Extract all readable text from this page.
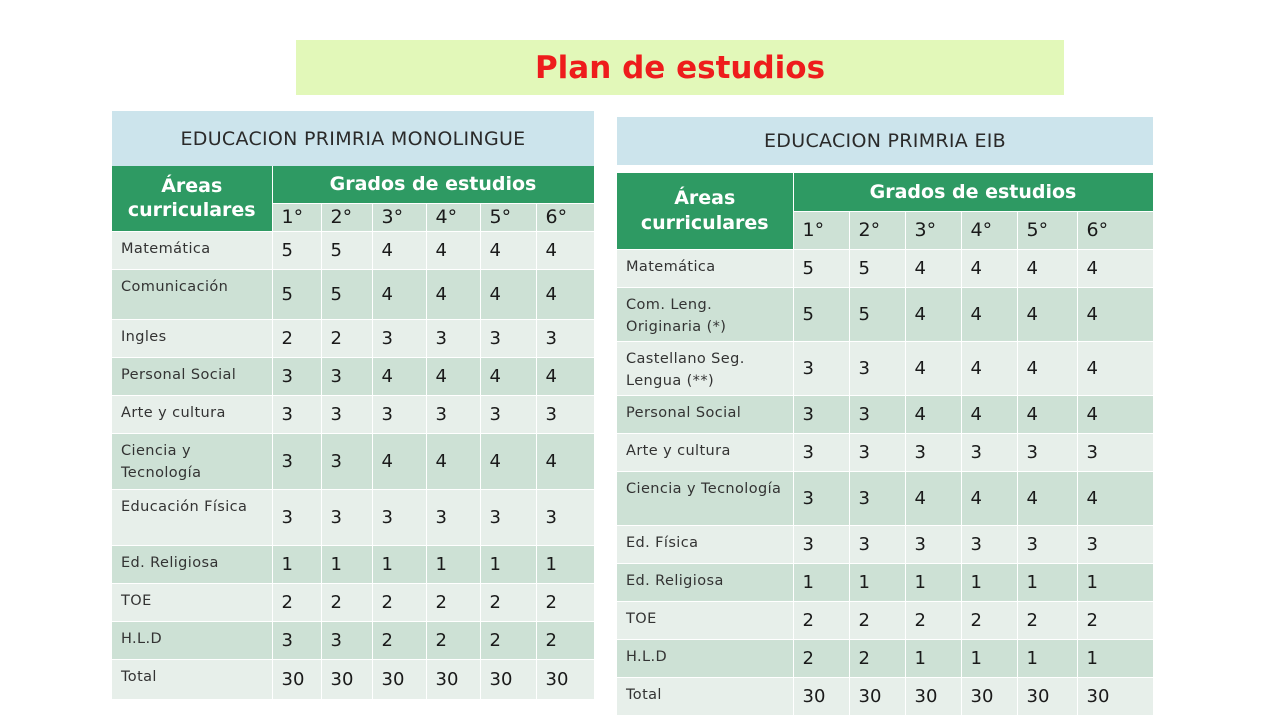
Plan de estudios
EDUCACION PRIMRIA MONOLINGUE
Áreas curriculares	Grados de estudios					
	1°	2°	3°	4°	5°	6°
Matemática	5	5	4	4	4	4
Comunicación	5	5	4	4	4	4
Ingles	2	2	3	3	3	3
Personal Social	3	3	4	4	4	4
Arte y cultura	3	3	3	3	3	3
Ciencia y Tecnología	3	3	4	4	4	4
Educación Física	3	3	3	3	3	3
Ed. Religiosa	1	1	1	1	1	1
TOE	2	2	2	2	2	2
H.L.D	3	3	2	2	2	2
Total	30	30	30	30	30	30
EDUCACION PRIMRIA EIB
Áreas curriculares	Grados de estudios					
	1°	2°	3°	4°	5°	6°
Matemática	5	5	4	4	4	4
Com. Leng. Originaria (*)	5	5	4	4	4	4
Castellano Seg. Lengua (**)	3	3	4	4	4	4
Personal Social	3	3	4	4	4	4
Arte y cultura	3	3	3	3	3	3
Ciencia y Tecnología	3	3	4	4	4	4
Ed. Física	3	3	3	3	3	3
Ed. Religiosa	1	1	1	1	1	1
TOE	2	2	2	2	2	2
H.L.D	2	2	1	1	1	1
Total	30	30	30	30	30	30
